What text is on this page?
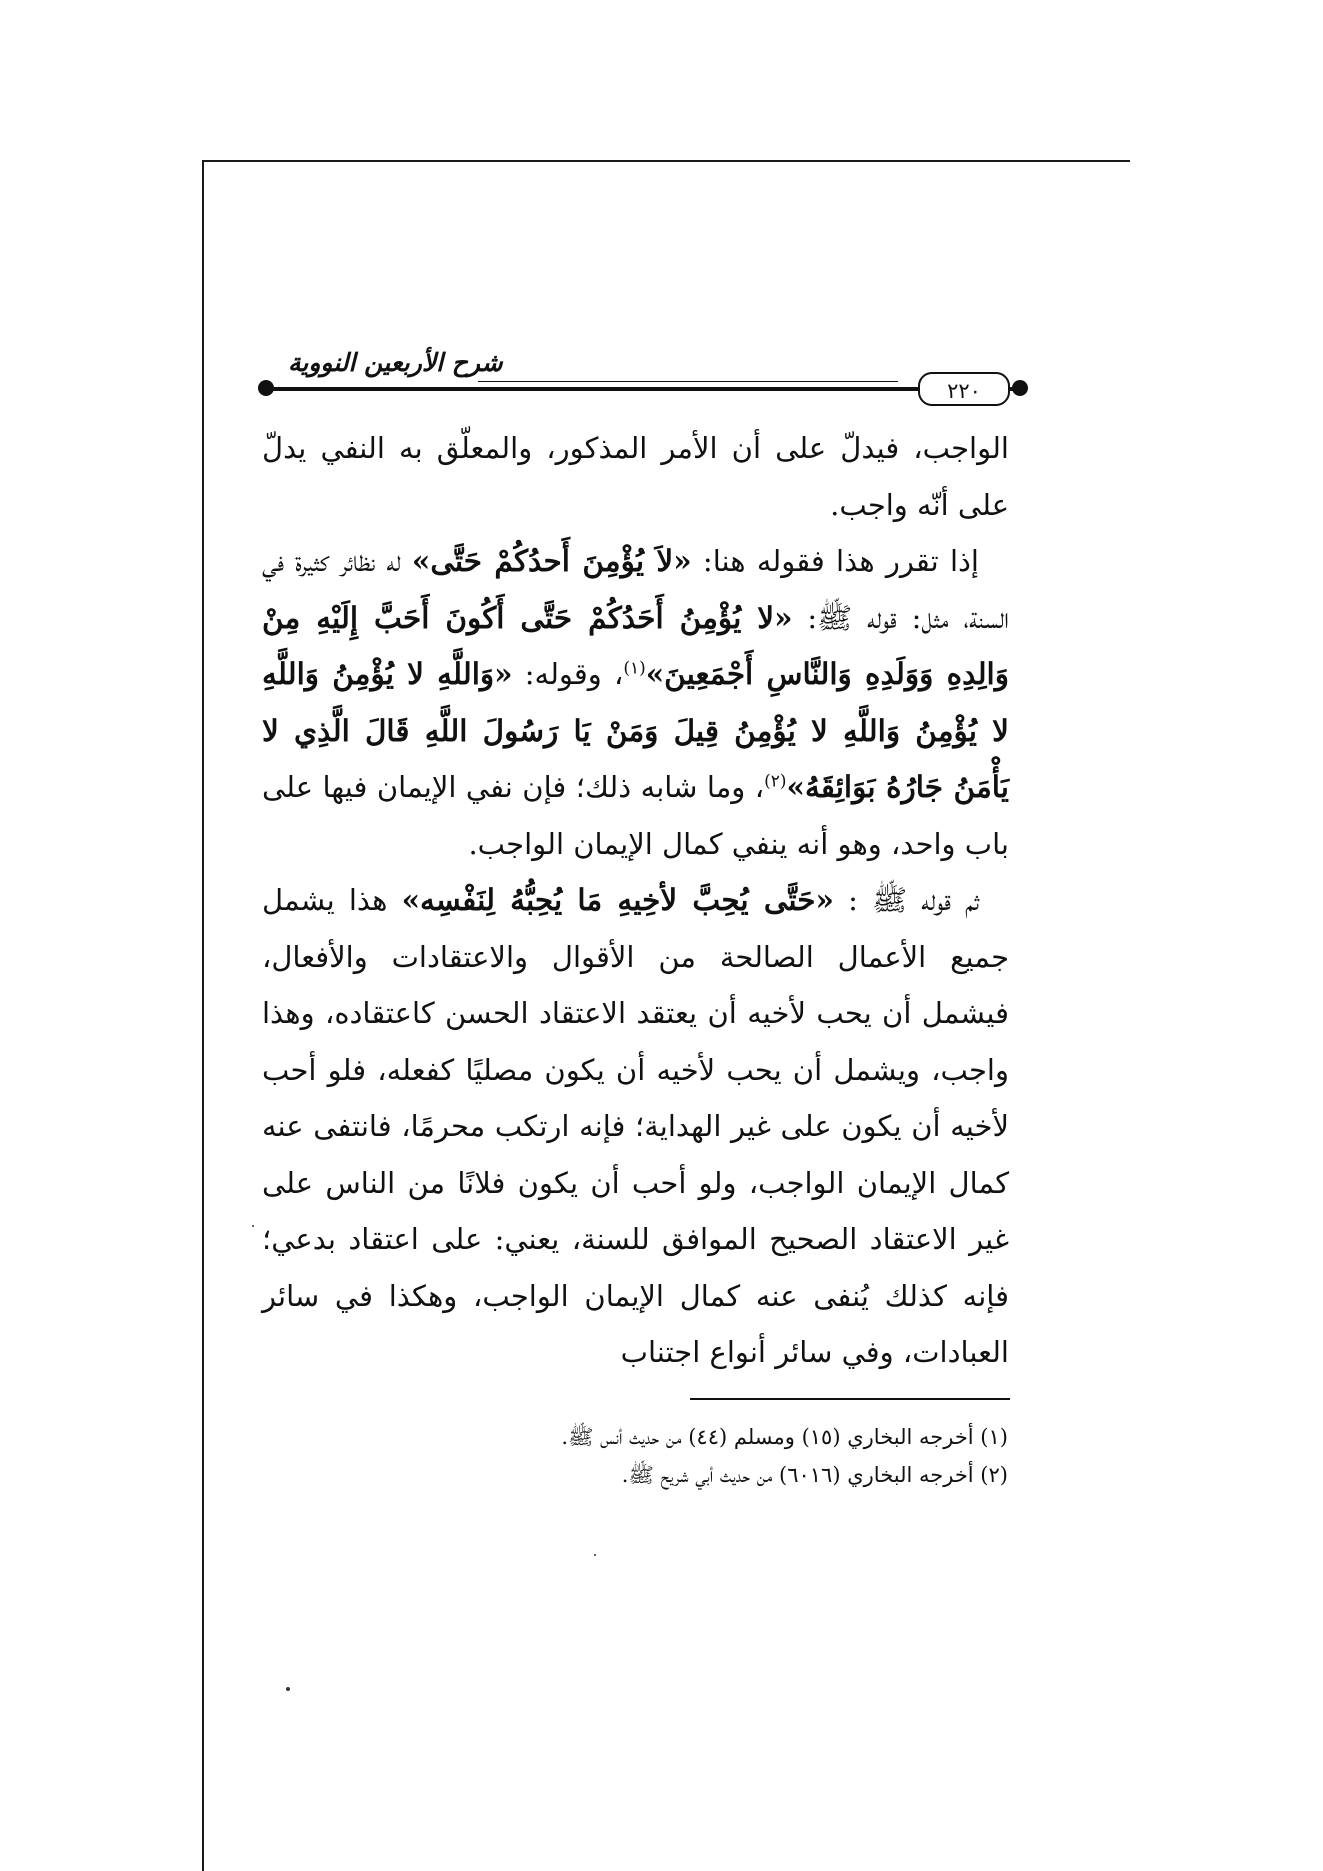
شرح الأربعين النووية
٢٢٠

الواجب، فيدلّ على أن الأمر المذكور، والمعلّق به النفي يدلّ على أنّه واجب.

إذا تقرر هذا فقوله هنا: «لاَ يُؤْمِنَ أَحدُكُمْ حَتَّى» له نظائر كثيرة في السنة، مثل: قوله ﷺ: «لا يُؤْمِنُ أَحَدُكُمْ حَتَّى أَكُونَ أَحَبَّ إِلَيْهِ مِنْ وَالِدِهِ وَوَلَدِهِ وَالنَّاسِ أَجْمَعِينَ»$^{(١)}$، وقوله: «وَاللَّهِ لا يُؤْمِنُ وَاللَّهِ لا يُؤْمِنُ وَاللَّهِ لا يُؤْمِنُ قِيلَ وَمَنْ يَا رَسُولَ اللَّهِ قَالَ الَّذِي لا يَأْمَنُ جَارُهُ بَوَائِقَهُ»$^{(٢)}$، وما شابه ذلك؛ فإن نفي الإيمان فيها على باب واحد، وهو أنه ينفي كمال الإيمان الواجب.

ثم قوله ﷺ : «حَتَّى يُحِبَّ لأخِيهِ مَا يُحِبُّهُ لِنَفْسِه» هذا يشمل جميع الأعمال الصالحة من الأقوال والاعتقادات والأفعال، فيشمل أن يحب لأخيه أن يعتقد الاعتقاد الحسن كاعتقاده، وهذا واجب، ويشمل أن يحب لأخيه أن يكون مصليًا كفعله، فلو أحب لأخيه أن يكون على غير الهداية؛ فإنه ارتكب محرمًا، فانتفى عنه كمال الإيمان الواجب، ولو أحب أن يكون فلانًا من الناس على غير الاعتقاد الصحيح الموافق للسنة، يعني: على اعتقاد بدعي؛ فإنه كذلك يُنفى عنه كمال الإيمان الواجب، وهكذا في سائر العبادات، وفي سائر أنواع اجتناب

(١) أخرجه البخاري (١٥) ومسلم (٤٤) من حديث أنس ﷺ.

(٢) أخرجه البخاري (٦٠١٦) من حديث أبي شريح ﷺ.
